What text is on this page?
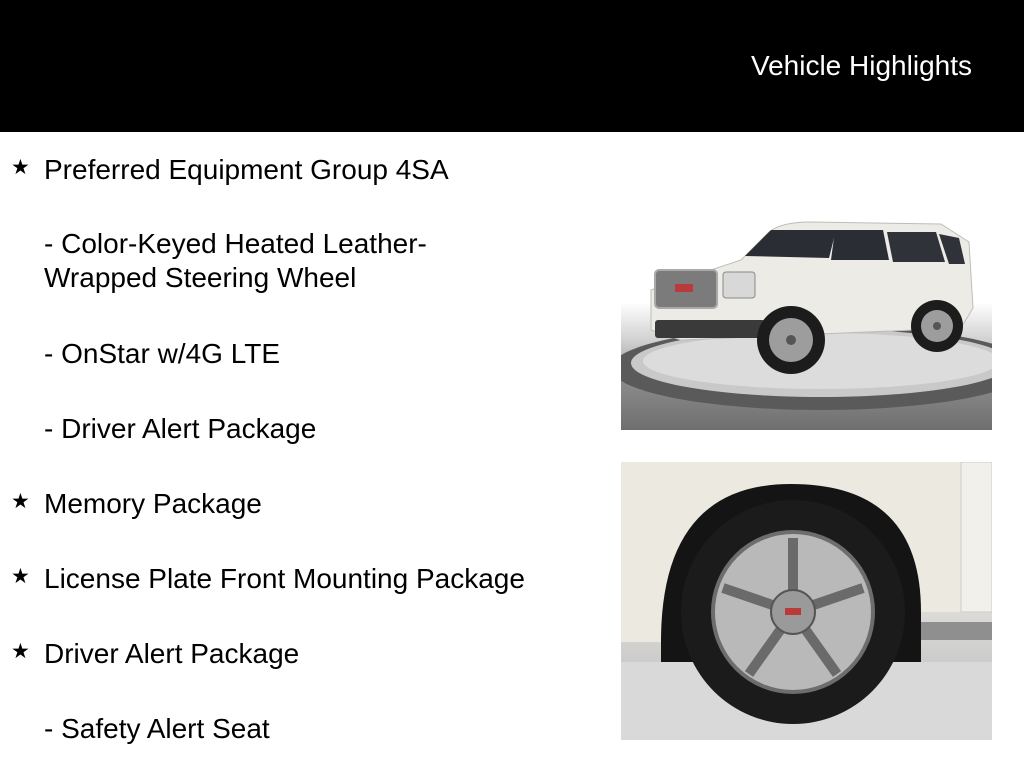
Vehicle Highlights
★ Preferred Equipment Group 4SA
- Color-Keyed Heated Leather-Wrapped Steering Wheel
- OnStar w/4G LTE
- Driver Alert Package
★ Memory Package
★ License Plate Front Mounting Package
★ Driver Alert Package
- Safety Alert Seat
